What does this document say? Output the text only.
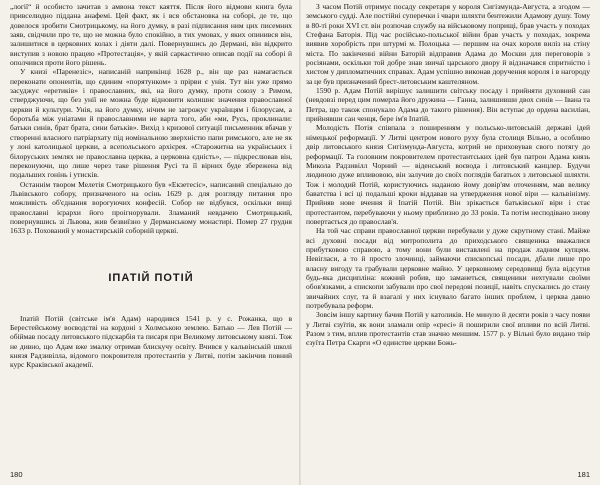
„логії“ й особисто зачитав з амвона текст каяття. Після його відмови книга була привселюдно піддана анафемі. Цей факт, як і вся обстановка на соборі, де те, що довелося зробити Смотрицькому, на його думку, в разі підписання ним цих писемних заяв, свідчили про те, що не можна було спокійно, в тих умовах, у яких опинився він, залишитися в церковних колах і діяти далі. Повернувшись до Дермані, він відкрито виступив з новою працею «Протестація», у якій саркастично описав події на соборі й ополчився проти його рішень.

У книзі «Паренезіс», написаній наприкінці 1628 р., він ще раз намагається переконати опонентів, що єдиним «порятунком» з прірви є унія. Тут він уже прямо засуджує «еретиків» і православних, які, на його думку, проти союзу з Римом, стверджуючи, що без унії не можна буде відновити колишнє значення православної церкви й культури. Унія, на його думку, нічим не загрожує українцям і білорусам, а боротьба між уніатами й православними не варта того, аби «ми, Русь, проклинали: батьки синів, брат брата, сини батьків». Вихід з кризової ситуації письменник вбачав у створенні власного патріархату під номінальною зверхністю папи римського, але не як у лоні католицької церкви, а всепольського архієрея. «Старожитна на українських і білоруських землях не православна церква, а церковна єдність», — підкреслював він, переконуючи, що лише через таке рішення Русі та її вірних буде збережена від подальших гонінь і утисків.

Останнім твором Мелетія Смотрицького був «Екзетесіс», написаний спеціально до Львівського собору, призначеного на осінь 1629 р. для розгляду питання про можливість об'єднання ворогуючих конфесій. Собор не відбувся, оскільки вищі православні ієрархи його проігнорували. Зламаний невдачею Смотрицький, повернувшись зі Львова, жив безвиїзно у Дерманському монастирі. Помер 27 грудня 1633 р. Похований у монастирській соборній церкві.

ІПАТІЙ ПОТІЙ

Іпатій Потій (світське ім'я Адам) народився 1541 р. у с. Рожанка, що в Берестейському воєводстві на кордоні з Холмською землею. Батько — Лев Потій — обіймав посаду литовського підскарбія та писаря при Великому литовському князі. Тож не дивно, що Адам вже змалку отримав блискучу освіту. Вчився у кальвінській школі князя Радзивілла, відомого покровителя протестантів у Литві, потім закінчив повний курс Краківської академії.

180

З часом Потій отримує посаду секретаря у короля Сигізмунда-Августа, а згодом — земського судді. Але постійні суперечки і чвари шляхти бентежили Адамову душу. Тому в 80-ті роки XVI ст. він розпочав службу на військовому поприщі, брав участь у походах Стефана Баторія. Під час російсько-польської війни брав участь у походах, зокрема виявив хоробрість при штурмі м. Полоцька — першим на очах короля виліз на стіну міста. По закінченні війни Баторій відправив Адама до Москви для переговорів з росіянами, оскільки той добре знав звичаї царського двору й відзначався спритністю і хистом у дипломатичних справах. Адам успішно виконав доручення короля і в нагороду за це був призначений брест-литовським каштеляном.

1590 р. Адам Потій вирішує залишити світську посаду і прийняти духовний сан (невдовзі перед цим померла його дружина — Ганна, залишивши двох синів — Івана та Петра, що також спонукало Адама до такого рішення). Він вступає до ордена василіан, прийнявши сан ченця, бере ім'я Іпатій.

Молодість Потія співпала з поширенням у польсько-литовській державі ідей німецької реформації. У Литві центром нового руху була столиця Вільно, а особливо двір литовського князя Сигізмунда-Августа, котрий не приховував свого потягу до реформації. Та головним покровителем протестантських ідей був патрон Адама князь Микола Радзивілл Чорний — віденський воєвода і литовський канцлер. Будучи людиною дуже впливовою, він залучив до своїх поглядів багатьох з литовської шляхти. Тож і молодий Потій, користуючись наданою йому довір'ям оточенням, мав велику баватства і всі ці подальші кроки віддавав на утвердження нової віри — кальвінізму. Прийняв нове вчення й Іпатій Потій. Він зрікається батьківської віри і стає протестантом, перебуваючи у ньому приблизно до 33 років. Та потім несподівано знову повертається до православ'я.

На той час справи православної церкви перебували у дуже скрутному стані. Майже всі духовні посади від митрополита до приходського священика вважалися прибутковою справою, а тому вони були виставлені на продаж ладним купцям. Невігласи, а то й просто злочинці, займаючи єпископські посади, дбали лише про власну вигоду та грабували церковне майно. У церковному середовищі була відсутня будь-яка дисципліна: кожний робив, що заманеться, священики нехтували своїми обов'язками, а єпископи забували про свої передові позиції, навіть спускались до стану звичайних слуг, та й взагалі у них існувало багато інших проблем, і церква давно потребувала реформ.

Зовсім іншу картину бачив Потій у католиків. Не минуло й десяти років з часу появи у Литві єзуїтів, як вони зламали опір «єресі» й поширили свої впливи по всій Литві. Разом з тим, вплив протестантів став значно меншим. 1577 р. у Вільні було видано твір єзуїта Петра Скарги «О единстве церкви Божь-

181
